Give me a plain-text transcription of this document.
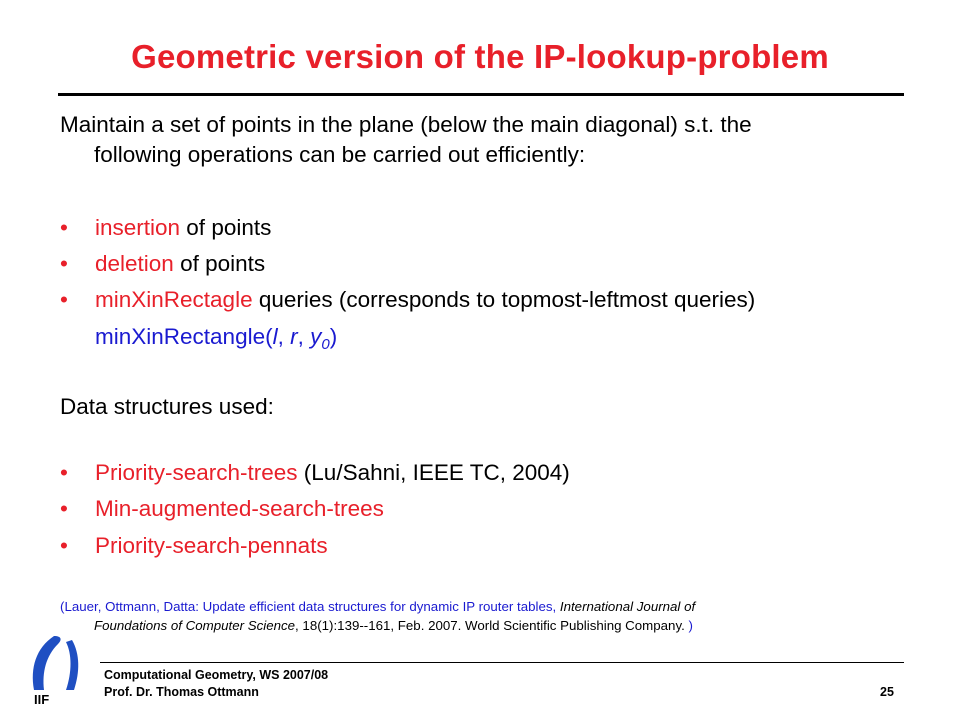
Geometric version of the IP-lookup-problem
Maintain a set of points in the plane (below the main diagonal) s.t. the
following operations can be carried out efficiently:
•	insertion of points
•	deletion of points
•	minXinRectagle queries (corresponds to topmost-leftmost queries)
minXinRectangle(l, r, $y_0$)
Data structures used:
•	Priority-search-trees (Lu/Sahni, IEEE TC, 2004)
•	Min-augmented-search-trees
•	Priority-search-pennats
(Lauer, Ottmann, Datta: Update efficient data structures for dynamic IP router tables, International Journal of
Foundations of Computer Science, 18(1):139--161, Feb. 2007. World Scientific Publishing Company. )
IIF
Computational Geometry, WS 2007/08
Prof. Dr. Thomas Ottmann	25
